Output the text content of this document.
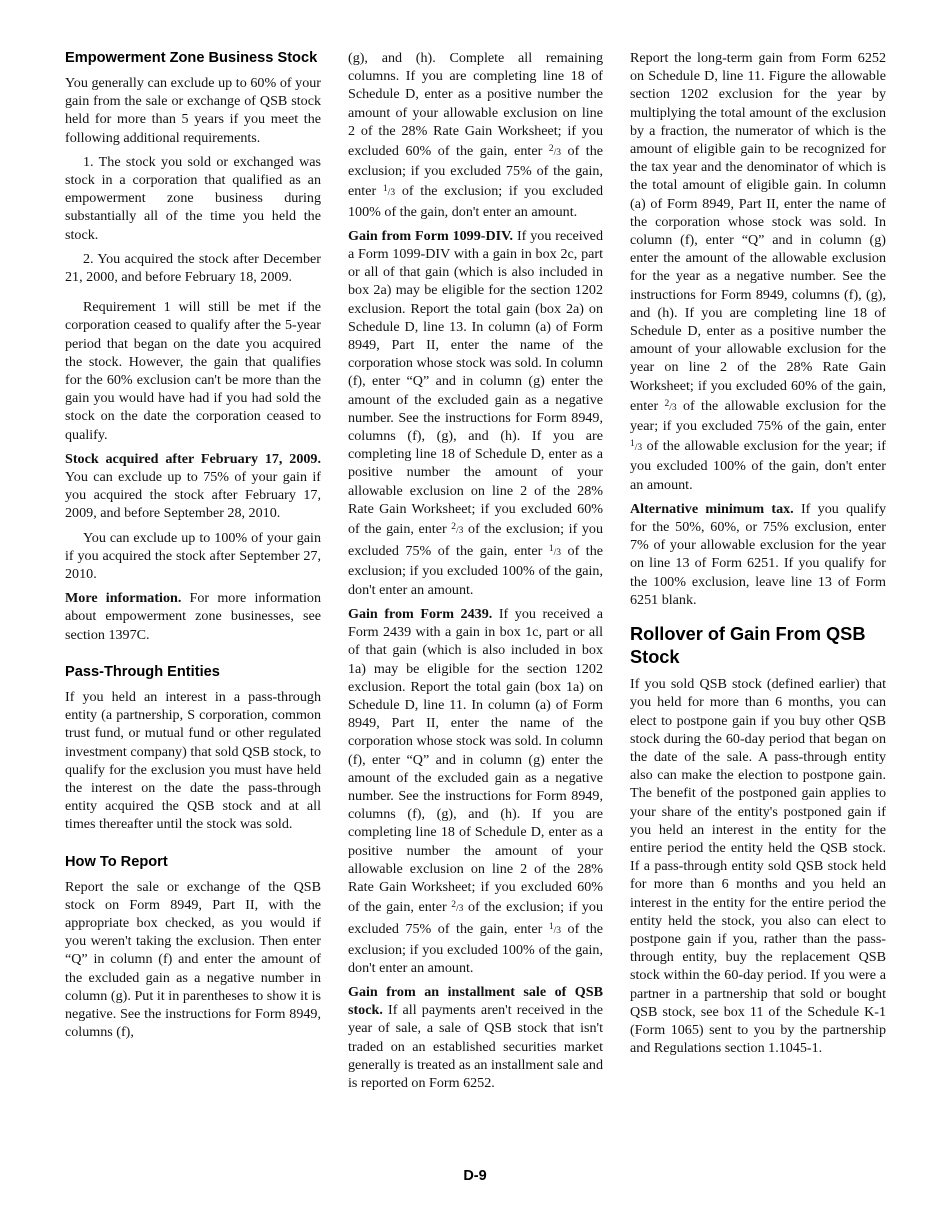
Empowerment Zone Business Stock

You generally can exclude up to 60% of your gain from the sale or exchange of QSB stock held for more than 5 years if you meet the following additional requirements.

1. The stock you sold or exchanged was stock in a corporation that qualified as an empowerment zone business during substantially all of the time you held the stock.

2. You acquired the stock after December 21, 2000, and before February 18, 2009.

Requirement 1 will still be met if the corporation ceased to qualify after the 5-year period that began on the date you acquired the stock. However, the gain that qualifies for the 60% exclusion can't be more than the gain you would have had if you had sold the stock on the date the corporation ceased to qualify.

Stock acquired after February 17, 2009. You can exclude up to 75% of your gain if you acquired the stock after February 17, 2009, and before September 28, 2010.

You can exclude up to 100% of your gain if you acquired the stock after September 27, 2010.

More information. For more information about empowerment zone businesses, see section 1397C.

Pass-Through Entities

If you held an interest in a pass-through entity (a partnership, S corporation, common trust fund, or mutual fund or other regulated investment company) that sold QSB stock, to qualify for the exclusion you must have held the interest on the date the pass-through entity acquired the QSB stock and at all times thereafter until the stock was sold.

How To Report

Report the sale or exchange of the QSB stock on Form 8949, Part II, with the appropriate box checked, as you would if you weren't taking the exclusion. Then enter “Q” in column (f) and enter the amount of the excluded gain as a negative number in column (g). Put it in parentheses to show it is negative. See the instructions for Form 8949, columns (f),

(g), and (h). Complete all remaining columns. If you are completing line 18 of Schedule D, enter as a positive number the amount of your allowable exclusion on line 2 of the 28% Rate Gain Worksheet; if you excluded 60% of the gain, enter 2/3 of the exclusion; if you excluded 75% of the gain, enter 1/3 of the exclusion; if you excluded 100% of the gain, don't enter an amount.

Gain from Form 1099-DIV. If you received a Form 1099-DIV with a gain in box 2c, part or all of that gain (which is also included in box 2a) may be eligible for the section 1202 exclusion. Report the total gain (box 2a) on Schedule D, line 13. In column (a) of Form 8949, Part II, enter the name of the corporation whose stock was sold. In column (f), enter “Q” and in column (g) enter the amount of the excluded gain as a negative number. See the instructions for Form 8949, columns (f), (g), and (h). If you are completing line 18 of Schedule D, enter as a positive number the amount of your allowable exclusion on line 2 of the 28% Rate Gain Worksheet; if you excluded 60% of the gain, enter 2/3 of the exclusion; if you excluded 75% of the gain, enter 1/3 of the exclusion; if you excluded 100% of the gain, don't enter an amount.

Gain from Form 2439. If you received a Form 2439 with a gain in box 1c, part or all of that gain (which is also included in box 1a) may be eligible for the section 1202 exclusion. Report the total gain (box 1a) on Schedule D, line 11. In column (a) of Form 8949, Part II, enter the name of the corporation whose stock was sold. In column (f), enter “Q” and in column (g) enter the amount of the excluded gain as a negative number. See the instructions for Form 8949, columns (f), (g), and (h). If you are completing line 18 of Schedule D, enter as a positive number the amount of your allowable exclusion on line 2 of the 28% Rate Gain Worksheet; if you excluded 60% of the gain, enter 2/3 of the exclusion; if you excluded 75% of the gain, enter 1/3 of the exclusion; if you excluded 100% of the gain, don't enter an amount.

Gain from an installment sale of QSB stock. If all payments aren't received in the year of sale, a sale of QSB stock that isn't traded on an established securities market generally is treated as an installment sale and is reported on Form 6252.

Report the long-term gain from Form 6252 on Schedule D, line 11. Figure the allowable section 1202 exclusion for the year by multiplying the total amount of the exclusion by a fraction, the numerator of which is the amount of eligible gain to be recognized for the tax year and the denominator of which is the total amount of eligible gain. In column (a) of Form 8949, Part II, enter the name of the corporation whose stock was sold. In column (f), enter “Q” and in column (g) enter the amount of the allowable exclusion for the year as a negative number. See the instructions for Form 8949, columns (f), (g), and (h). If you are completing line 18 of Schedule D, enter as a positive number the amount of your allowable exclusion for the year on line 2 of the 28% Rate Gain Worksheet; if you excluded 60% of the gain, enter 2/3 of the allowable exclusion for the year; if you excluded 75% of the gain, enter 1/3 of the allowable exclusion for the year; if you excluded 100% of the gain, don't enter an amount.

Alternative minimum tax. If you qualify for the 50%, 60%, or 75% exclusion, enter 7% of your allowable exclusion for the year on line 13 of Form 6251. If you qualify for the 100% exclusion, leave line 13 of Form 6251 blank.

Rollover of Gain From QSB Stock

If you sold QSB stock (defined earlier) that you held for more than 6 months, you can elect to postpone gain if you buy other QSB stock during the 60-day period that began on the date of the sale. A pass-through entity also can make the election to postpone gain. The benefit of the postponed gain applies to your share of the entity's postponed gain if you held an interest in the entity for the entire period the entity held the QSB stock. If a pass-through entity sold QSB stock held for more than 6 months and you held an interest in the entity for the entire period the entity held the stock, you also can elect to postpone gain if you, rather than the pass-through entity, buy the replacement QSB stock within the 60-day period. If you were a partner in a partnership that sold or bought QSB stock, see box 11 of the Schedule K-1 (Form 1065) sent to you by the partnership and Regulations section 1.1045-1.

D-9
